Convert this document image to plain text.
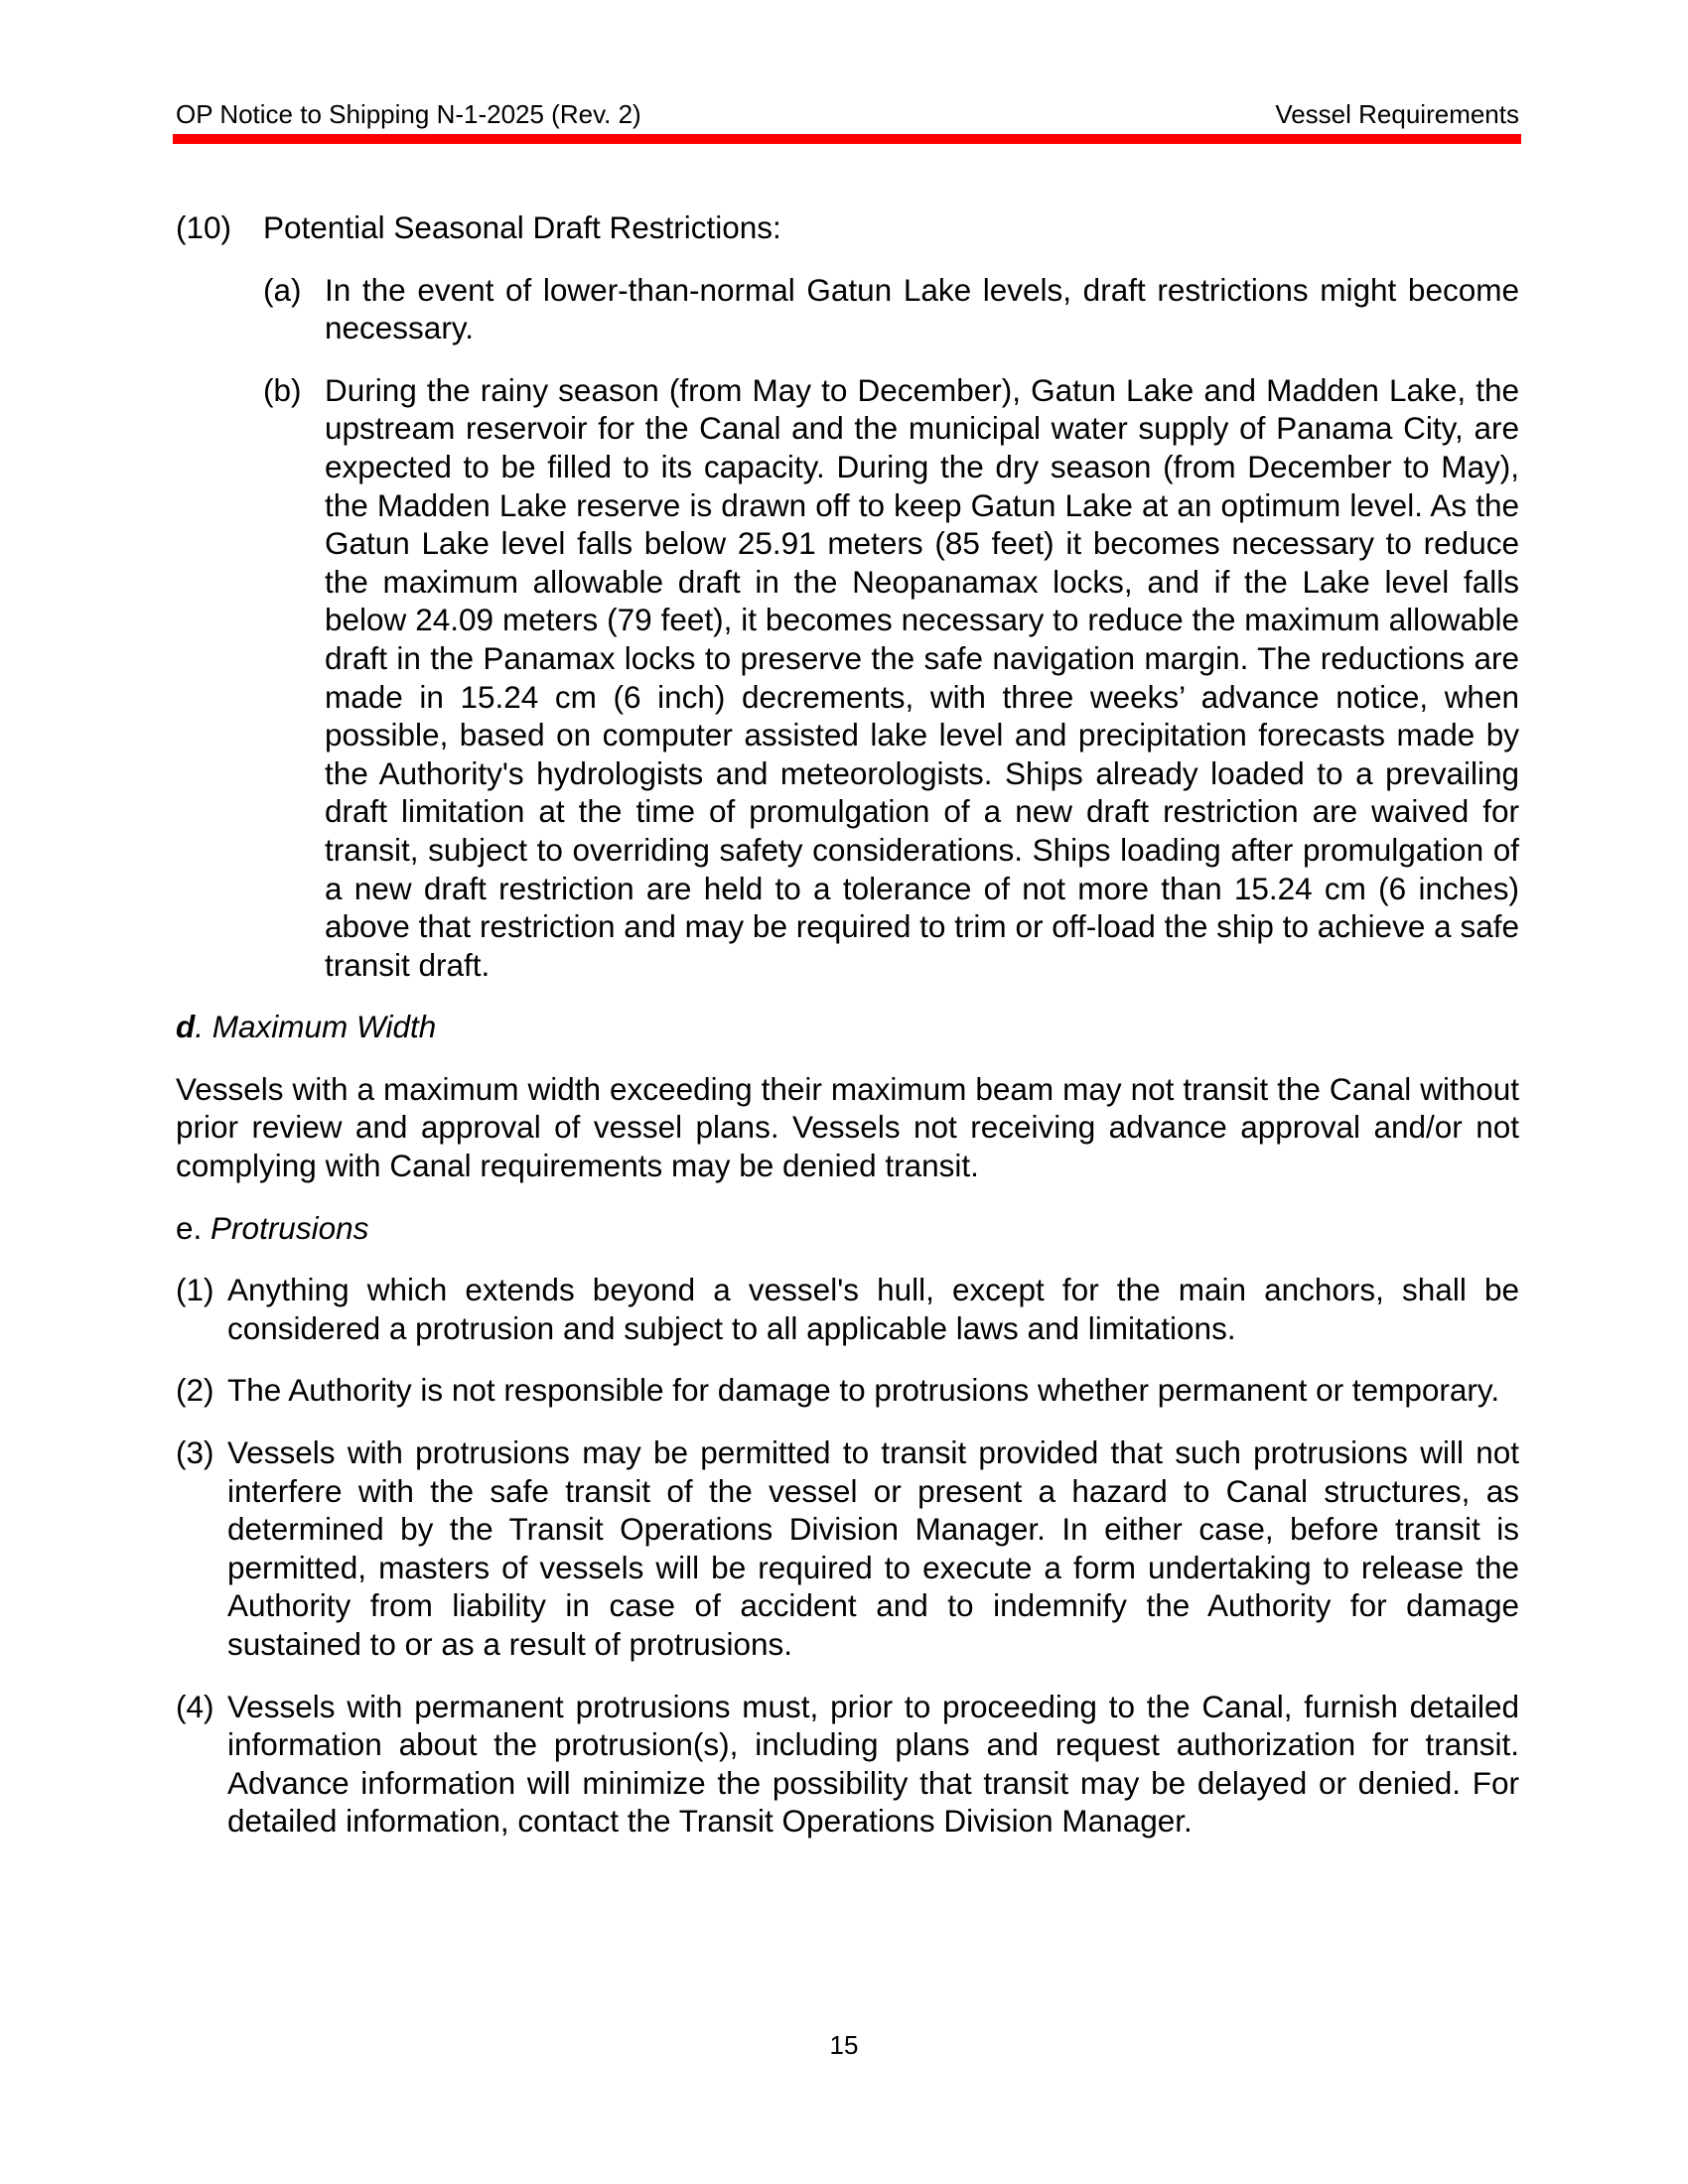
OP Notice to Shipping N-1-2025 (Rev. 2)	Vessel Requirements
(10) Potential Seasonal Draft Restrictions:
(a) In the event of lower-than-normal Gatun Lake levels, draft restrictions might become necessary.
(b) During the rainy season (from May to December), Gatun Lake and Madden Lake, the upstream reservoir for the Canal and the municipal water supply of Panama City, are expected to be filled to its capacity. During the dry season (from December to May), the Madden Lake reserve is drawn off to keep Gatun Lake at an optimum level. As the Gatun Lake level falls below 25.91 meters (85 feet) it becomes necessary to reduce the maximum allowable draft in the Neopanamax locks, and if the Lake level falls below 24.09 meters (79 feet), it becomes necessary to reduce the maximum allowable draft in the Panamax locks to preserve the safe navigation margin. The reductions are made in 15.24 cm (6 inch) decrements, with three weeks’ advance notice, when possible, based on computer assisted lake level and precipitation forecasts made by the Authority's hydrologists and meteorologists. Ships already loaded to a prevailing draft limitation at the time of promulgation of a new draft restriction are waived for transit, subject to overriding safety considerations. Ships loading after promulgation of a new draft restriction are held to a tolerance of not more than 15.24 cm (6 inches) above that restriction and may be required to trim or off-load the ship to achieve a safe transit draft.
d. Maximum Width
Vessels with a maximum width exceeding their maximum beam may not transit the Canal without prior review and approval of vessel plans. Vessels not receiving advance approval and/or not complying with Canal requirements may be denied transit.
e. Protrusions
(1) Anything which extends beyond a vessel's hull, except for the main anchors, shall be considered a protrusion and subject to all applicable laws and limitations.
(2) The Authority is not responsible for damage to protrusions whether permanent or temporary.
(3) Vessels with protrusions may be permitted to transit provided that such protrusions will not interfere with the safe transit of the vessel or present a hazard to Canal structures, as determined by the Transit Operations Division Manager. In either case, before transit is permitted, masters of vessels will be required to execute a form undertaking to release the Authority from liability in case of accident and to indemnify the Authority for damage sustained to or as a result of protrusions.
(4) Vessels with permanent protrusions must, prior to proceeding to the Canal, furnish detailed information about the protrusion(s), including plans and request authorization for transit. Advance information will minimize the possibility that transit may be delayed or denied. For detailed information, contact the Transit Operations Division Manager.
15
